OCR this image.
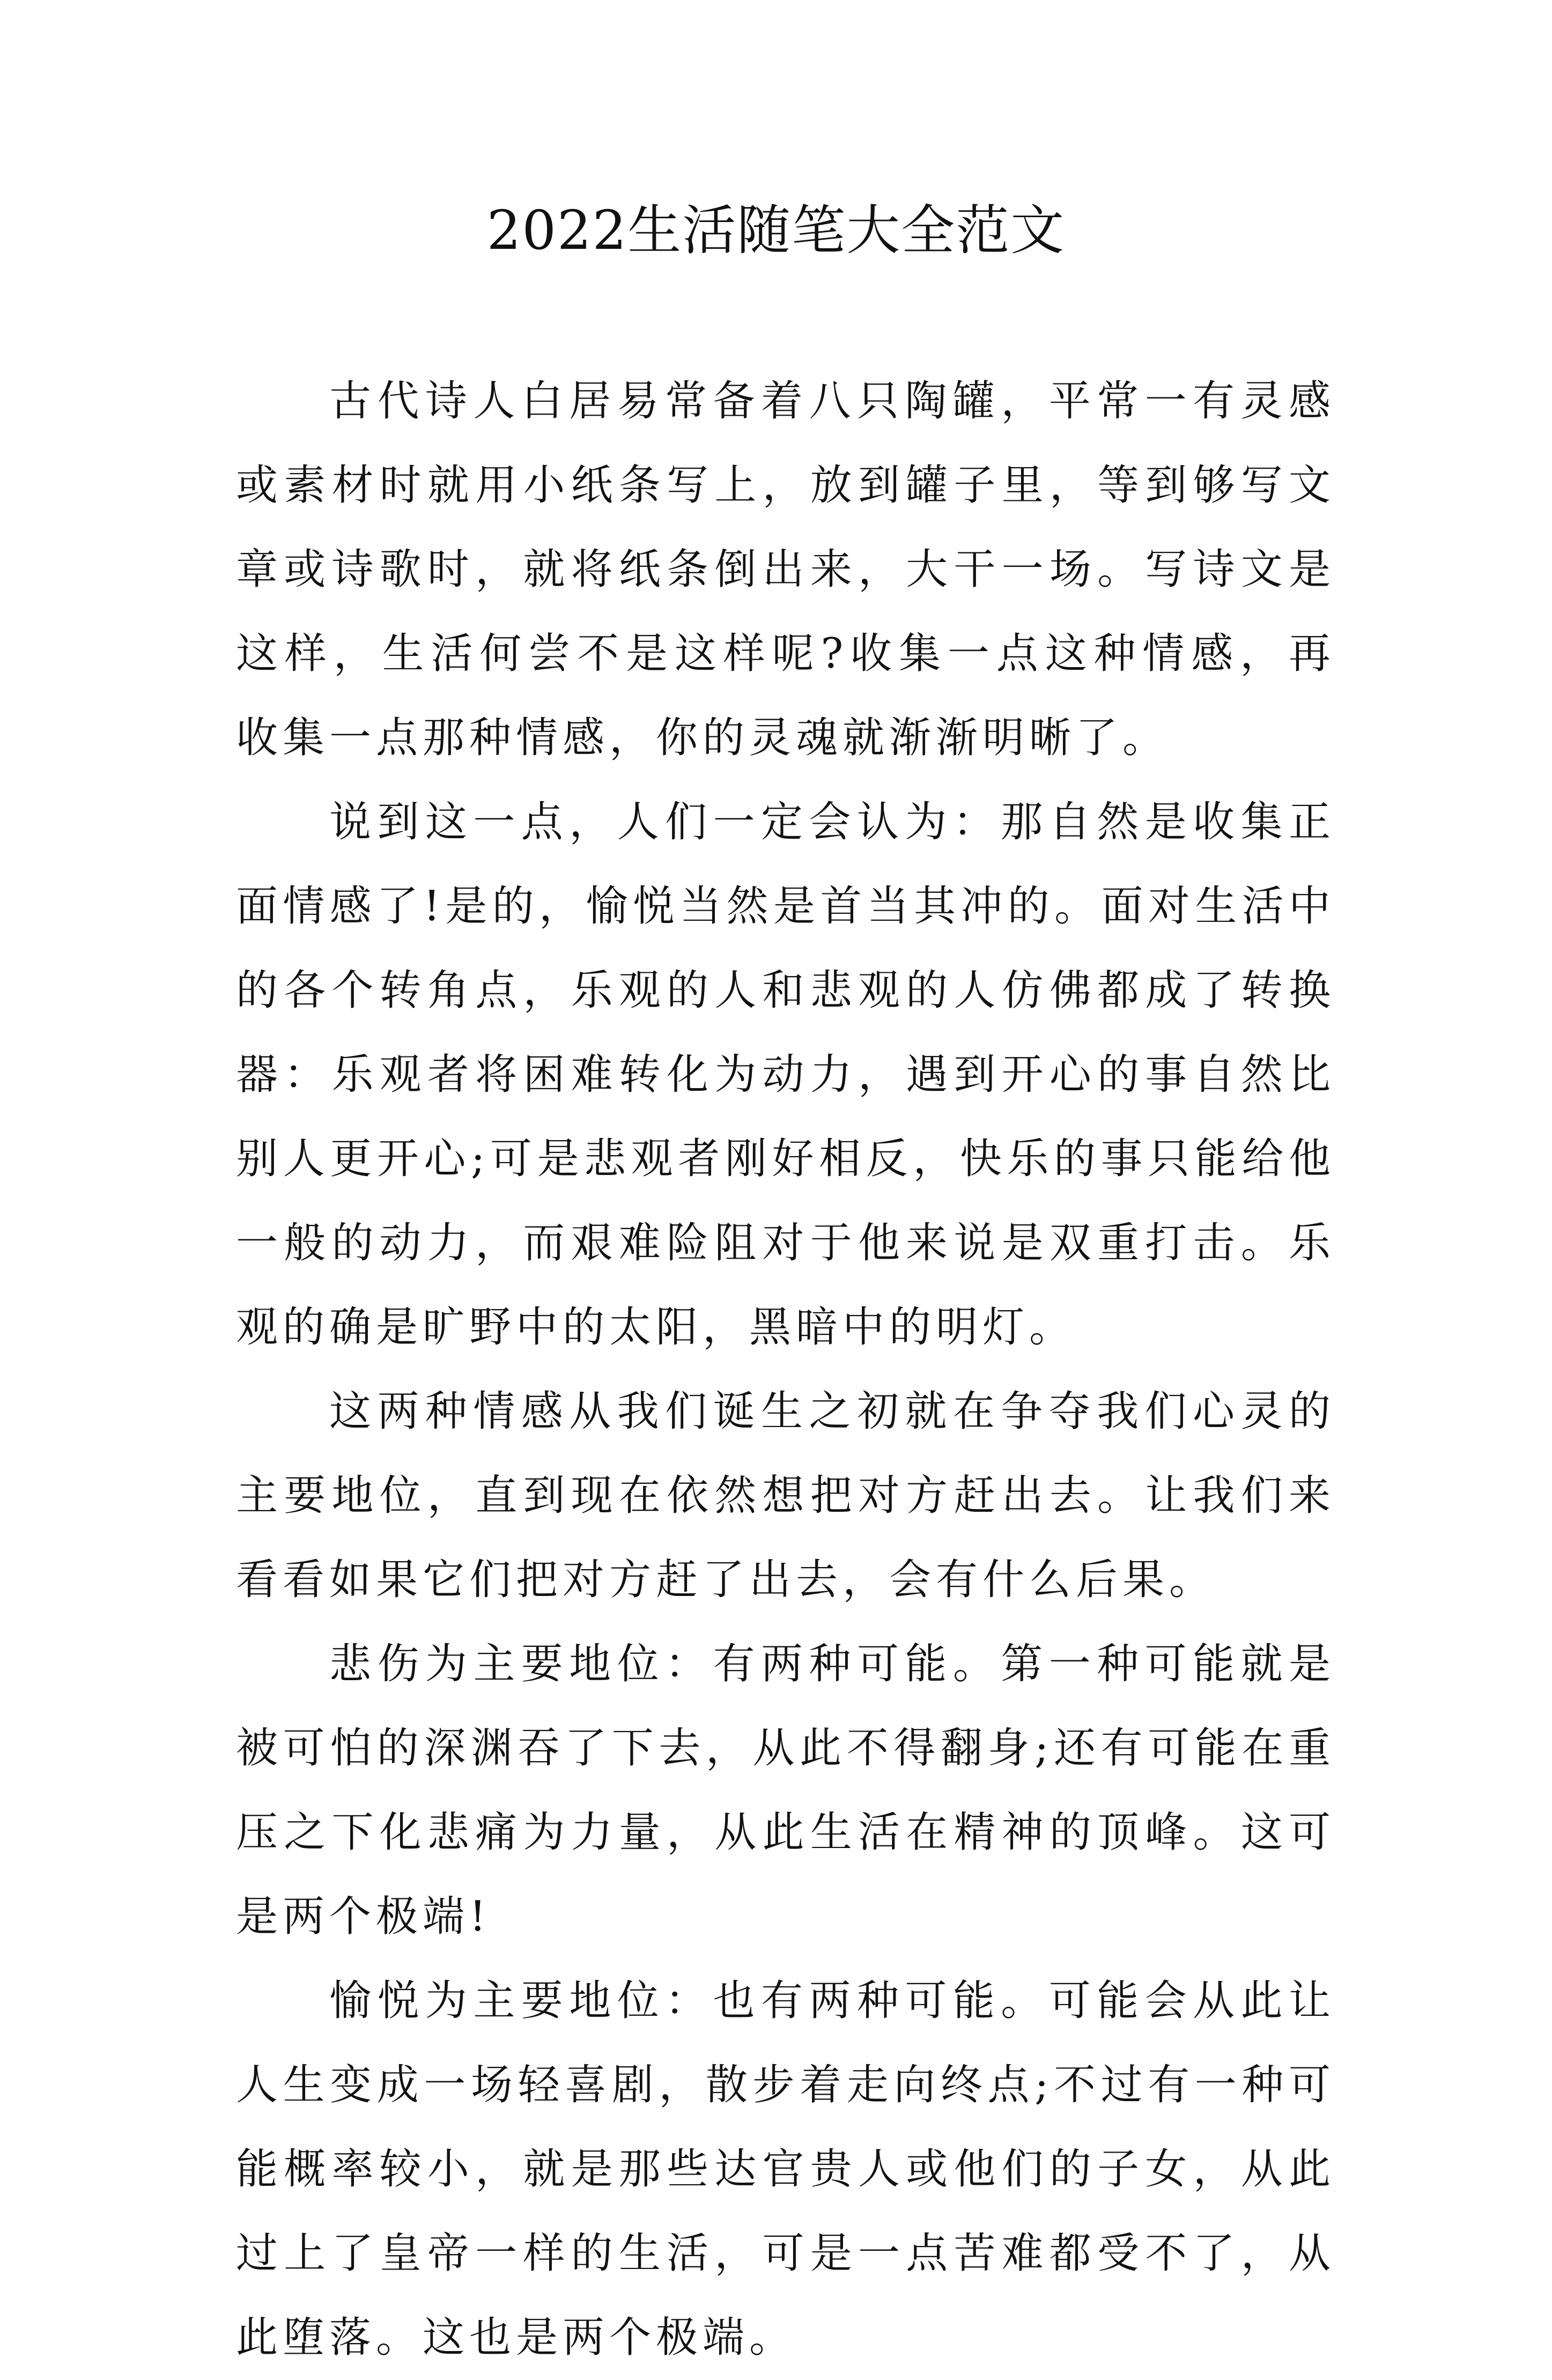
2022生活随笔大全范文

古代诗人白居易常备着八只陶罐，平常一有灵感或素材时就用小纸条写上，放到罐子里，等到够写文章或诗歌时，就将纸条倒出来，大干一场。写诗文是这样，生活何尝不是这样呢?收集一点这种情感，再收集一点那种情感，你的灵魂就渐渐明晰了。

说到这一点，人们一定会认为：那自然是收集正面情感了!是的，愉悦当然是首当其冲的。面对生活中的各个转角点，乐观的人和悲观的人仿佛都成了转换器：乐观者将困难转化为动力，遇到开心的事自然比别人更开心;可是悲观者刚好相反，快乐的事只能给他一般的动力，而艰难险阻对于他来说是双重打击。乐观的确是旷野中的太阳，黑暗中的明灯。

这两种情感从我们诞生之初就在争夺我们心灵的主要地位，直到现在依然想把对方赶出去。让我们来看看如果它们把对方赶了出去，会有什么后果。

悲伤为主要地位：有两种可能。第一种可能就是被可怕的深渊吞了下去，从此不得翻身;还有可能在重压之下化悲痛为力量，从此生活在精神的顶峰。这可是两个极端!

愉悦为主要地位：也有两种可能。可能会从此让人生变成一场轻喜剧，散步着走向终点;不过有一种可能概率较小，就是那些达官贵人或他们的子女，从此过上了皇帝一样的生活，可是一点苦难都受不了，从此堕落。这也是两个极端。
